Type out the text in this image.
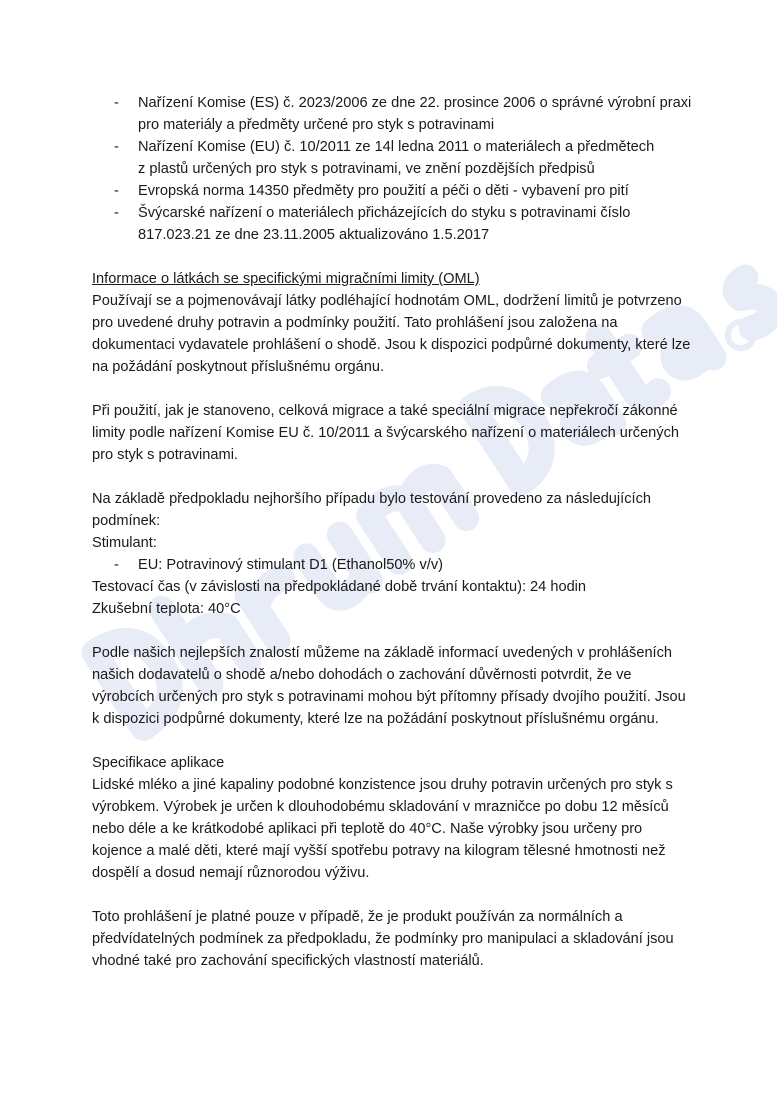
- Nařízení Komise (ES) č. 2023/2006 ze dne 22. prosince 2006 o správné výrobní praxi
pro materiály a předměty určené pro styk s potravinami
- Nařízení Komise (EU) č. 10/2011 ze 14l ledna 2011 o materiálech a předmětech
z plastů určených pro styk s potravinami, ve znění pozdějších předpisů
- Evropská norma 14350 předměty pro použití a péči o děti - vybavení pro pití
- Švýcarské nařízení o materiálech přicházejících do styku s potravinami číslo
817.023.21 ze dne 23.11.2005 aktualizováno 1.5.2017
Informace o látkách se specifickými migračními limity (OML)
Používají se a pojmenovávají látky podléhající hodnotám OML, dodržení limitů je potvrzeno
pro uvedené druhy potravin a podmínky použití. Tato prohlášení jsou založena na
dokumentaci vydavatele prohlášení o shodě. Jsou k dispozici podpůrné dokumenty, které lze
na požádání poskytnout příslušnému orgánu.
Při použití, jak je stanoveno, celková migrace a také speciální migrace nepřekročí zákonné
limity podle nařízení Komise EU č. 10/2011 a švýcarského nařízení o materiálech určených
pro styk s potravinami.
Na základě předpokladu nejhoršího případu bylo testování provedeno za následujících
podmínek:
Stimulant:
- EU: Potravinový stimulant D1 (Ethanol50% v/v)
Testovací čas (v závislosti na předpokládané době trvání kontaktu): 24 hodin
Zkušební teplota: 40°C
Podle našich nejlepších znalostí můžeme na základě informací uvedených v prohlášeních
našich dodavatelů o shodě a/nebo dohodách o zachování důvěrnosti potvrdit, že ve
výrobcích určených pro styk s potravinami mohou být přítomny přísady dvojího použití. Jsou
k dispozici podpůrné dokumenty, které lze na požádání poskytnout příslušnému orgánu.
Specifikace aplikace
Lidské mléko a jiné kapaliny podobné konzistence jsou druhy potravin určených pro styk s
výrobkem. Výrobek je určen k dlouhodobému skladování v mrazničce po dobu 12 měsíců
nebo déle a ke krátkodobé aplikaci při teplotě do 40°C. Naše výrobky jsou určeny pro
kojence a malé děti, které mají vyšší spotřebu potravy na kilogram tělesné hmotnosti než
dospělí a dosud nemají různorodou výživu.
Toto prohlášení je platné pouze v případě, že je produkt používán za normálních a
předvídatelných podmínek za předpokladu, že podmínky pro manipulaci a skladování jsou
vhodné také pro zachování specifických vlastností materiálů.
